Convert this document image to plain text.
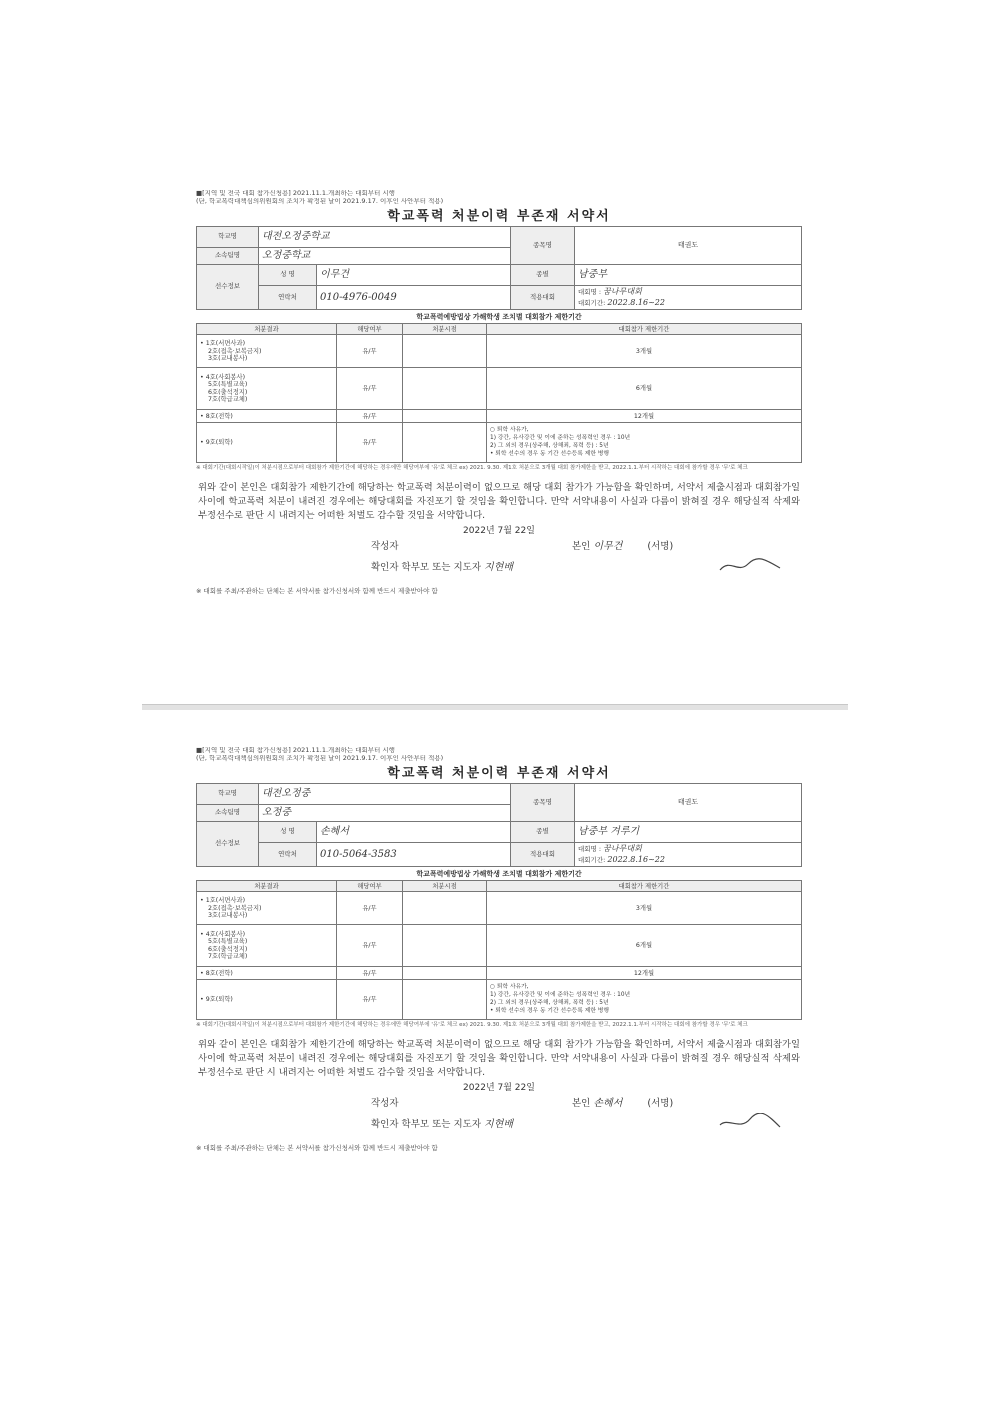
■[지역 및 전국 대회 참가신청용] 2021.11.1.개최하는 대회부터 시행
(단, 학교폭력대책심의위원회의 조치가 확정된 날이 2021.9.17. 이후인 사안부터 적용)
학교폭력 처분이력 부존재 서약서
학교명	대전오정중학교		종목명	태권도
소속팀명	오정중학교			
선수정보	성 명	이무건	종별	남중부
	연락처	010-4976-0049	적용대회	대회명 : 꿈나무대회
대회기간: 2022.8.16~22
학교폭력예방법상 가해학생 조치별 대회참가 제한기간
처분결과	해당여부	처분시점	대회참가 제한기간

• 1호(서면사과)
2호(접촉·보복금지)
3호(교내봉사)	유/무		3개월

• 4호(사회봉사)
5호(특별교육)
6호(출석정지)
7호(학급교체)	유/무		6개월

• 8호(전학)	유/무		12개월

• 9호(퇴학)	유/무		○ 퇴학 사유가,
1) 강간, 유사강간 및 이에 준하는 성폭력인 경우 : 10년
2) 그 외의 경우(상주해, 상해죄, 폭력 등) : 5년
• 퇴학 선수의 경우 동 기간 선수등록 제한 병행
※ 대회기간(대회시작일)이 처분시점으로부터 대회참가 제한기간에 해당하는 경우에만 해당여부에 '유'로 체크 ex) 2021. 9.30. 제1호 처분으로 3개월 대회 참가제한을 받고, 2022.1.1.부터 시작하는 대회에 참가할 경우 '무'로 체크
위와 같이 본인은 대회참가 제한기간에 해당하는 학교폭력 처분이력이 없으므로 해당 대회 참가가 가능함을 확인하며, 서약서 제출시점과 대회참가일 사이에 학교폭력 처분이 내려진 경우에는 해당대회를 자진포기 할 것임을 확인합니다. 만약 서약내용이 사실과 다름이 밝혀질 경우 해당실적 삭제와 부정선수로 판단 시 내려지는 어떠한 처벌도 감수할 것임을 서약합니다.
2022년 7월 22일
작성자	본인 이무건	(서명)
확인자 학부모 또는 지도자 지현배
※ 대회를 주최/주관하는 단체는 본 서약서를 참가신청서와 함께 반드시 제출받아야 함
■[지역 및 전국 대회 참가신청용] 2021.11.1.개최하는 대회부터 시행
(단, 학교폭력대책심의위원회의 조치가 확정된 날이 2021.9.17. 이후인 사안부터 적용)
학교폭력 처분이력 부존재 서약서
학교명	대전오정중		종목명	태권도
소속팀명	오정중			
선수정보	성 명	손혜서	종별	남중부 겨루기
	연락처	010-5064-3583	적용대회	대회명 : 꿈나무대회
대회기간: 2022.8.16~22
학교폭력예방법상 가해학생 조치별 대회참가 제한기간
처분결과	해당여부	처분시점	대회참가 제한기간

• 1호(서면사과)
2호(접촉·보복금지)
3호(교내봉사)	유/무		3개월

• 4호(사회봉사)
5호(특별교육)
6호(출석정지)
7호(학급교체)	유/무		6개월

• 8호(전학)	유/무		12개월

• 9호(퇴학)	유/무		○ 퇴학 사유가,
1) 강간, 유사강간 및 이에 준하는 성폭력인 경우 : 10년
2) 그 외의 경우(상주해, 상해죄, 폭력 등) : 5년
• 퇴학 선수의 경우 동 기간 선수등록 제한 병행
※ 대회기간(대회시작일)이 처분시점으로부터 대회참가 제한기간에 해당하는 경우에만 해당여부에 '유'로 체크 ex) 2021. 9.30. 제1호 처분으로 3개월 대회 참가제한을 받고, 2022.1.1.부터 시작하는 대회에 참가할 경우 '무'로 체크
위와 같이 본인은 대회참가 제한기간에 해당하는 학교폭력 처분이력이 없으므로 해당 대회 참가가 가능함을 확인하며, 서약서 제출시점과 대회참가일 사이에 학교폭력 처분이 내려진 경우에는 해당대회를 자진포기 할 것임을 확인합니다. 만약 서약내용이 사실과 다름이 밝혀질 경우 해당실적 삭제와 부정선수로 판단 시 내려지는 어떠한 처벌도 감수할 것임을 서약합니다.
2022년 7월 22일
작성자	본인 손혜서	(서명)
확인자 학부모 또는 지도자 지현배
※ 대회를 주최/주관하는 단체는 본 서약서를 참가신청서와 함께 반드시 제출받아야 함
